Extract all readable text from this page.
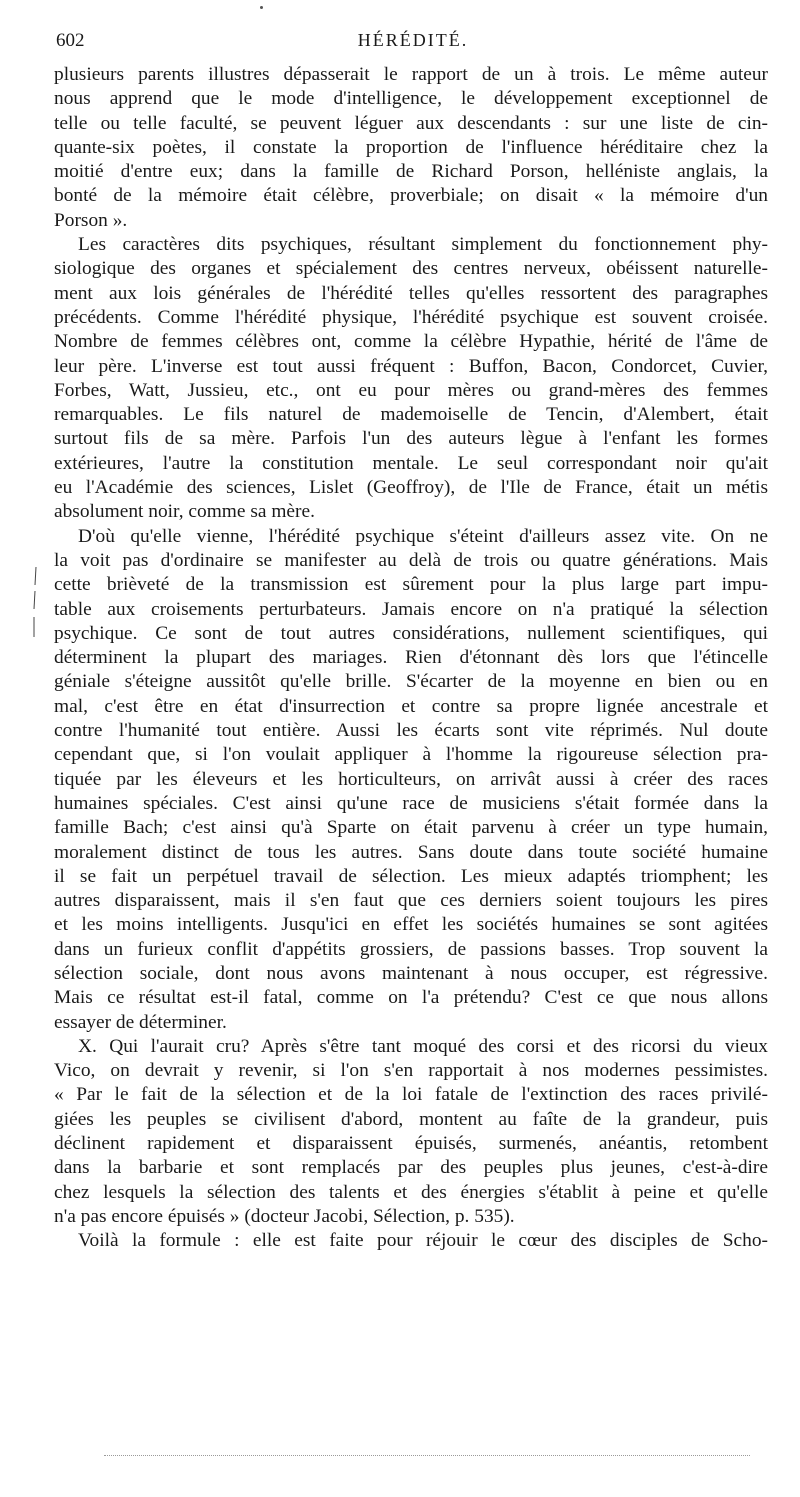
602	HÉRÉDITÉ.
plusieurs parents illustres dépasserait le rapport de un à trois. Le même auteur
nous apprend que le mode d'intelligence, le développement exceptionnel de
telle ou telle faculté, se peuvent léguer aux descendants : sur une liste de cin-
quante-six poètes, il constate la proportion de l'influence héréditaire chez la
moitié d'entre eux; dans la famille de Richard Porson, helléniste anglais, la
bonté de la mémoire était célèbre, proverbiale; on disait « la mémoire d'un
Porson ».
Les caractères dits psychiques, résultant simplement du fonctionnement phy-
siologique des organes et spécialement des centres nerveux, obéissent naturelle-
ment aux lois générales de l'hérédité telles qu'elles ressortent des paragraphes
précédents. Comme l'hérédité physique, l'hérédité psychique est souvent croisée.
Nombre de femmes célèbres ont, comme la célèbre Hypathie, hérité de l'âme de
leur père. L'inverse est tout aussi fréquent : Buffon, Bacon, Condorcet, Cuvier,
Forbes, Watt, Jussieu, etc., ont eu pour mères ou grand-mères des femmes
remarquables. Le fils naturel de mademoiselle de Tencin, d'Alembert, était
surtout fils de sa mère. Parfois l'un des auteurs lègue à l'enfant les formes
extérieures, l'autre la constitution mentale. Le seul correspondant noir qu'ait
eu l'Académie des sciences, Lislet (Geoffroy), de l'Ile de France, était un métis
absolument noir, comme sa mère.
D'où qu'elle vienne, l'hérédité psychique s'éteint d'ailleurs assez vite. On ne
la voit pas d'ordinaire se manifester au delà de trois ou quatre générations. Mais
cette brièveté de la transmission est sûrement pour la plus large part impu-
table aux croisements perturbateurs. Jamais encore on n'a pratiqué la sélection
psychique. Ce sont de tout autres considérations, nullement scientifiques, qui
déterminent la plupart des mariages. Rien d'étonnant dès lors que l'étincelle
géniale s'éteigne aussitôt qu'elle brille. S'écarter de la moyenne en bien ou en
mal, c'est être en état d'insurrection et contre sa propre lignée ancestrale et
contre l'humanité tout entière. Aussi les écarts sont vite réprimés. Nul doute
cependant que, si l'on voulait appliquer à l'homme la rigoureuse sélection pra-
tiquée par les éleveurs et les horticulteurs, on arrivât aussi à créer des races
humaines spéciales. C'est ainsi qu'une race de musiciens s'était formée dans la
famille Bach; c'est ainsi qu'à Sparte on était parvenu à créer un type humain,
moralement distinct de tous les autres. Sans doute dans toute société humaine
il se fait un perpétuel travail de sélection. Les mieux adaptés triomphent; les
autres disparaissent, mais il s'en faut que ces derniers soient toujours les pires
et les moins intelligents. Jusqu'ici en effet les sociétés humaines se sont agitées
dans un furieux conflit d'appétits grossiers, de passions basses. Trop souvent la
sélection sociale, dont nous avons maintenant à nous occuper, est régressive.
Mais ce résultat est-il fatal, comme on l'a prétendu? C'est ce que nous allons
essayer de déterminer.
X. Qui l'aurait cru? Après s'être tant moqué des corsi et des ricorsi du vieux
Vico, on devrait y revenir, si l'on s'en rapportait à nos modernes pessimistes.
« Par le fait de la sélection et de la loi fatale de l'extinction des races privilé-
giées les peuples se civilisent d'abord, montent au faîte de la grandeur, puis
déclinent rapidement et disparaissent épuisés, surmenés, anéantis, retombent
dans la barbarie et sont remplacés par des peuples plus jeunes, c'est-à-dire
chez lesquels la sélection des talents et des énergies s'établit à peine et qu'elle
n'a pas encore épuisés » (docteur Jacobi, Sélection, p. 535).
Voilà la formule : elle est faite pour réjouir le cœur des disciples de Scho-
